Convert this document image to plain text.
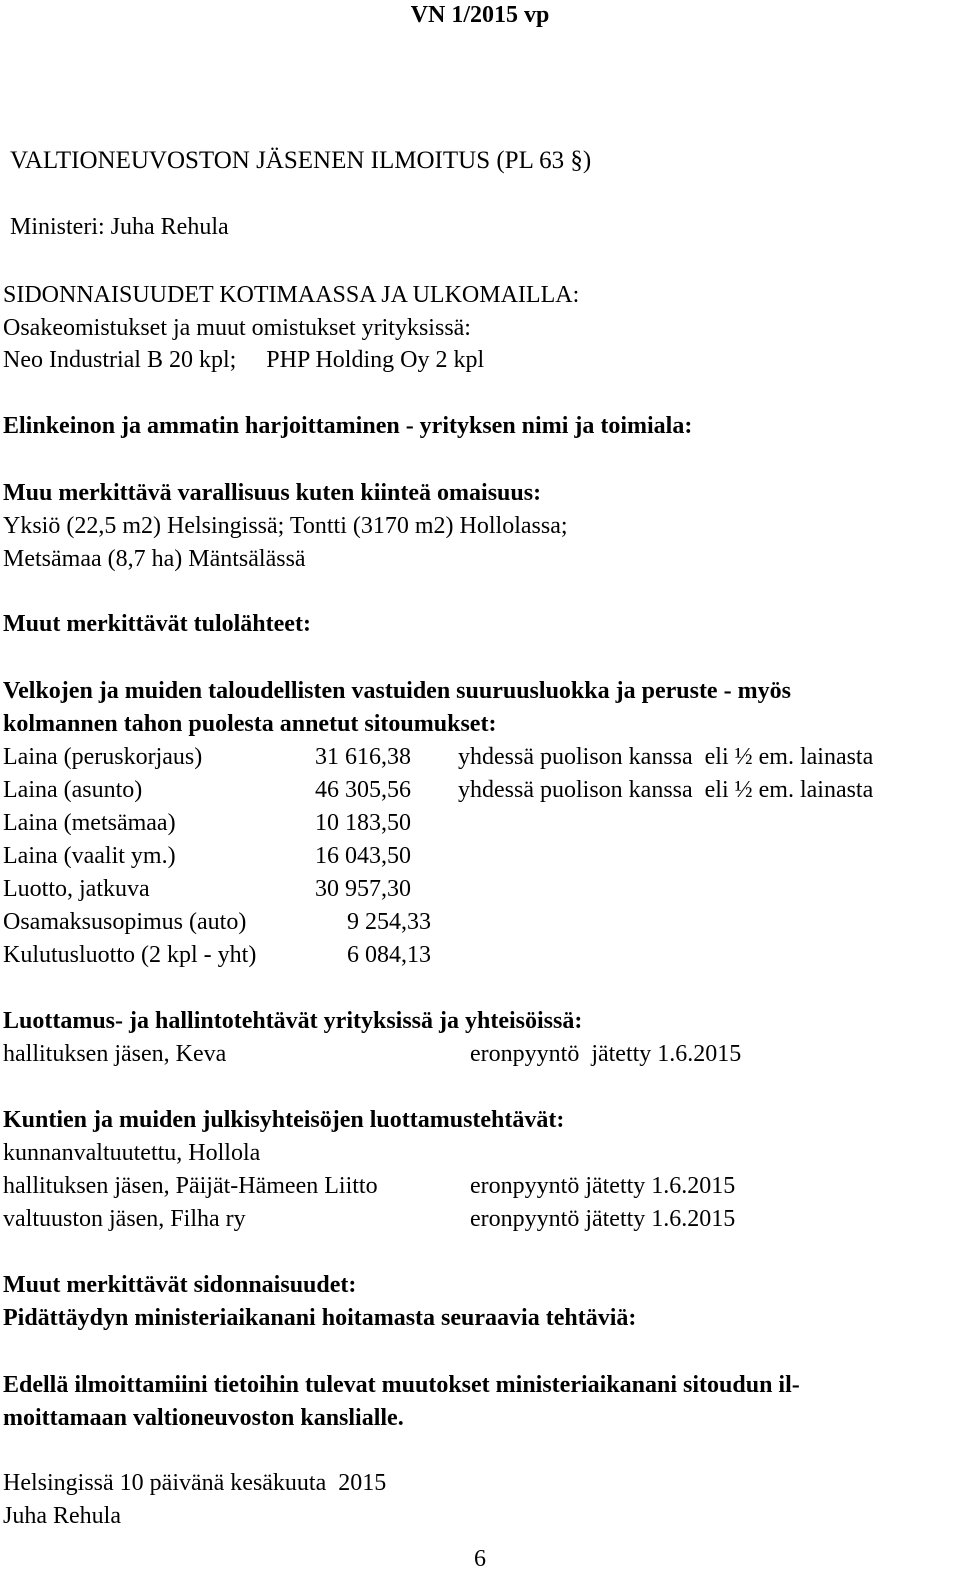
VN 1/2015 vp
VALTIONEUVOSTON JÄSENEN ILMOITUS (PL 63 §)
Ministeri: Juha Rehula
SIDONNAISUUDET KOTIMAASSA JA ULKOMAILLA:
Osakeomistukset ja muut omistukset yrityksissä:
Neo Industrial B 20 kpl;     PHP Holding Oy 2 kpl
Elinkeinon ja ammatin harjoittaminen - yrityksen nimi ja toimiala:
Muu merkittävä varallisuus kuten kiinteä omaisuus:
Yksiö (22,5 m2) Helsingissä; Tontti (3170 m2) Hollolassa;
Metsämaa (8,7 ha) Mäntsälässä
Muut merkittävät tulolähteet:
Velkojen ja muiden taloudellisten vastuiden suuruusluokka ja peruste - myös
kolmannen tahon puolesta annetut sitoumukset:
Laina (peruskorjaus)	31 616,38 yhdessä puolison kanssa  eli ½ em. lainasta
Laina (asunto)	46 305,56 yhdessä puolison kanssa  eli ½ em. lainasta
Laina (metsämaa)	10 183,50
Laina (vaalit ym.)	16 043,50
Luotto, jatkuva	30 957,30
Osamaksusopimus (auto)	9 254,33
Kulutusluotto (2 kpl - yht)	6 084,13
Luottamus- ja hallintotehtävät yrityksissä ja yhteisöissä:
hallituksen jäsen, Keva	eronpyyntö  jätetty 1.6.2015
Kuntien ja muiden julkisyhteisöjen luottamustehtävät:
kunnanvaltuutettu, Hollola
hallituksen jäsen, Päijät-Hämeen Liitto	eronpyyntö jätetty 1.6.2015
valtuuston jäsen, Filha ry	eronpyyntö jätetty 1.6.2015
Muut merkittävät sidonnaisuudet:
Pidättäydyn ministeriaikanani hoitamasta seuraavia tehtäviä:
Edellä ilmoittamiini tietoihin tulevat muutokset ministeriaikanani sitoudun il-
moittamaan valtioneuvoston kanslialle.
Helsingissä 10 päivänä kesäkuuta  2015
Juha Rehula
6
